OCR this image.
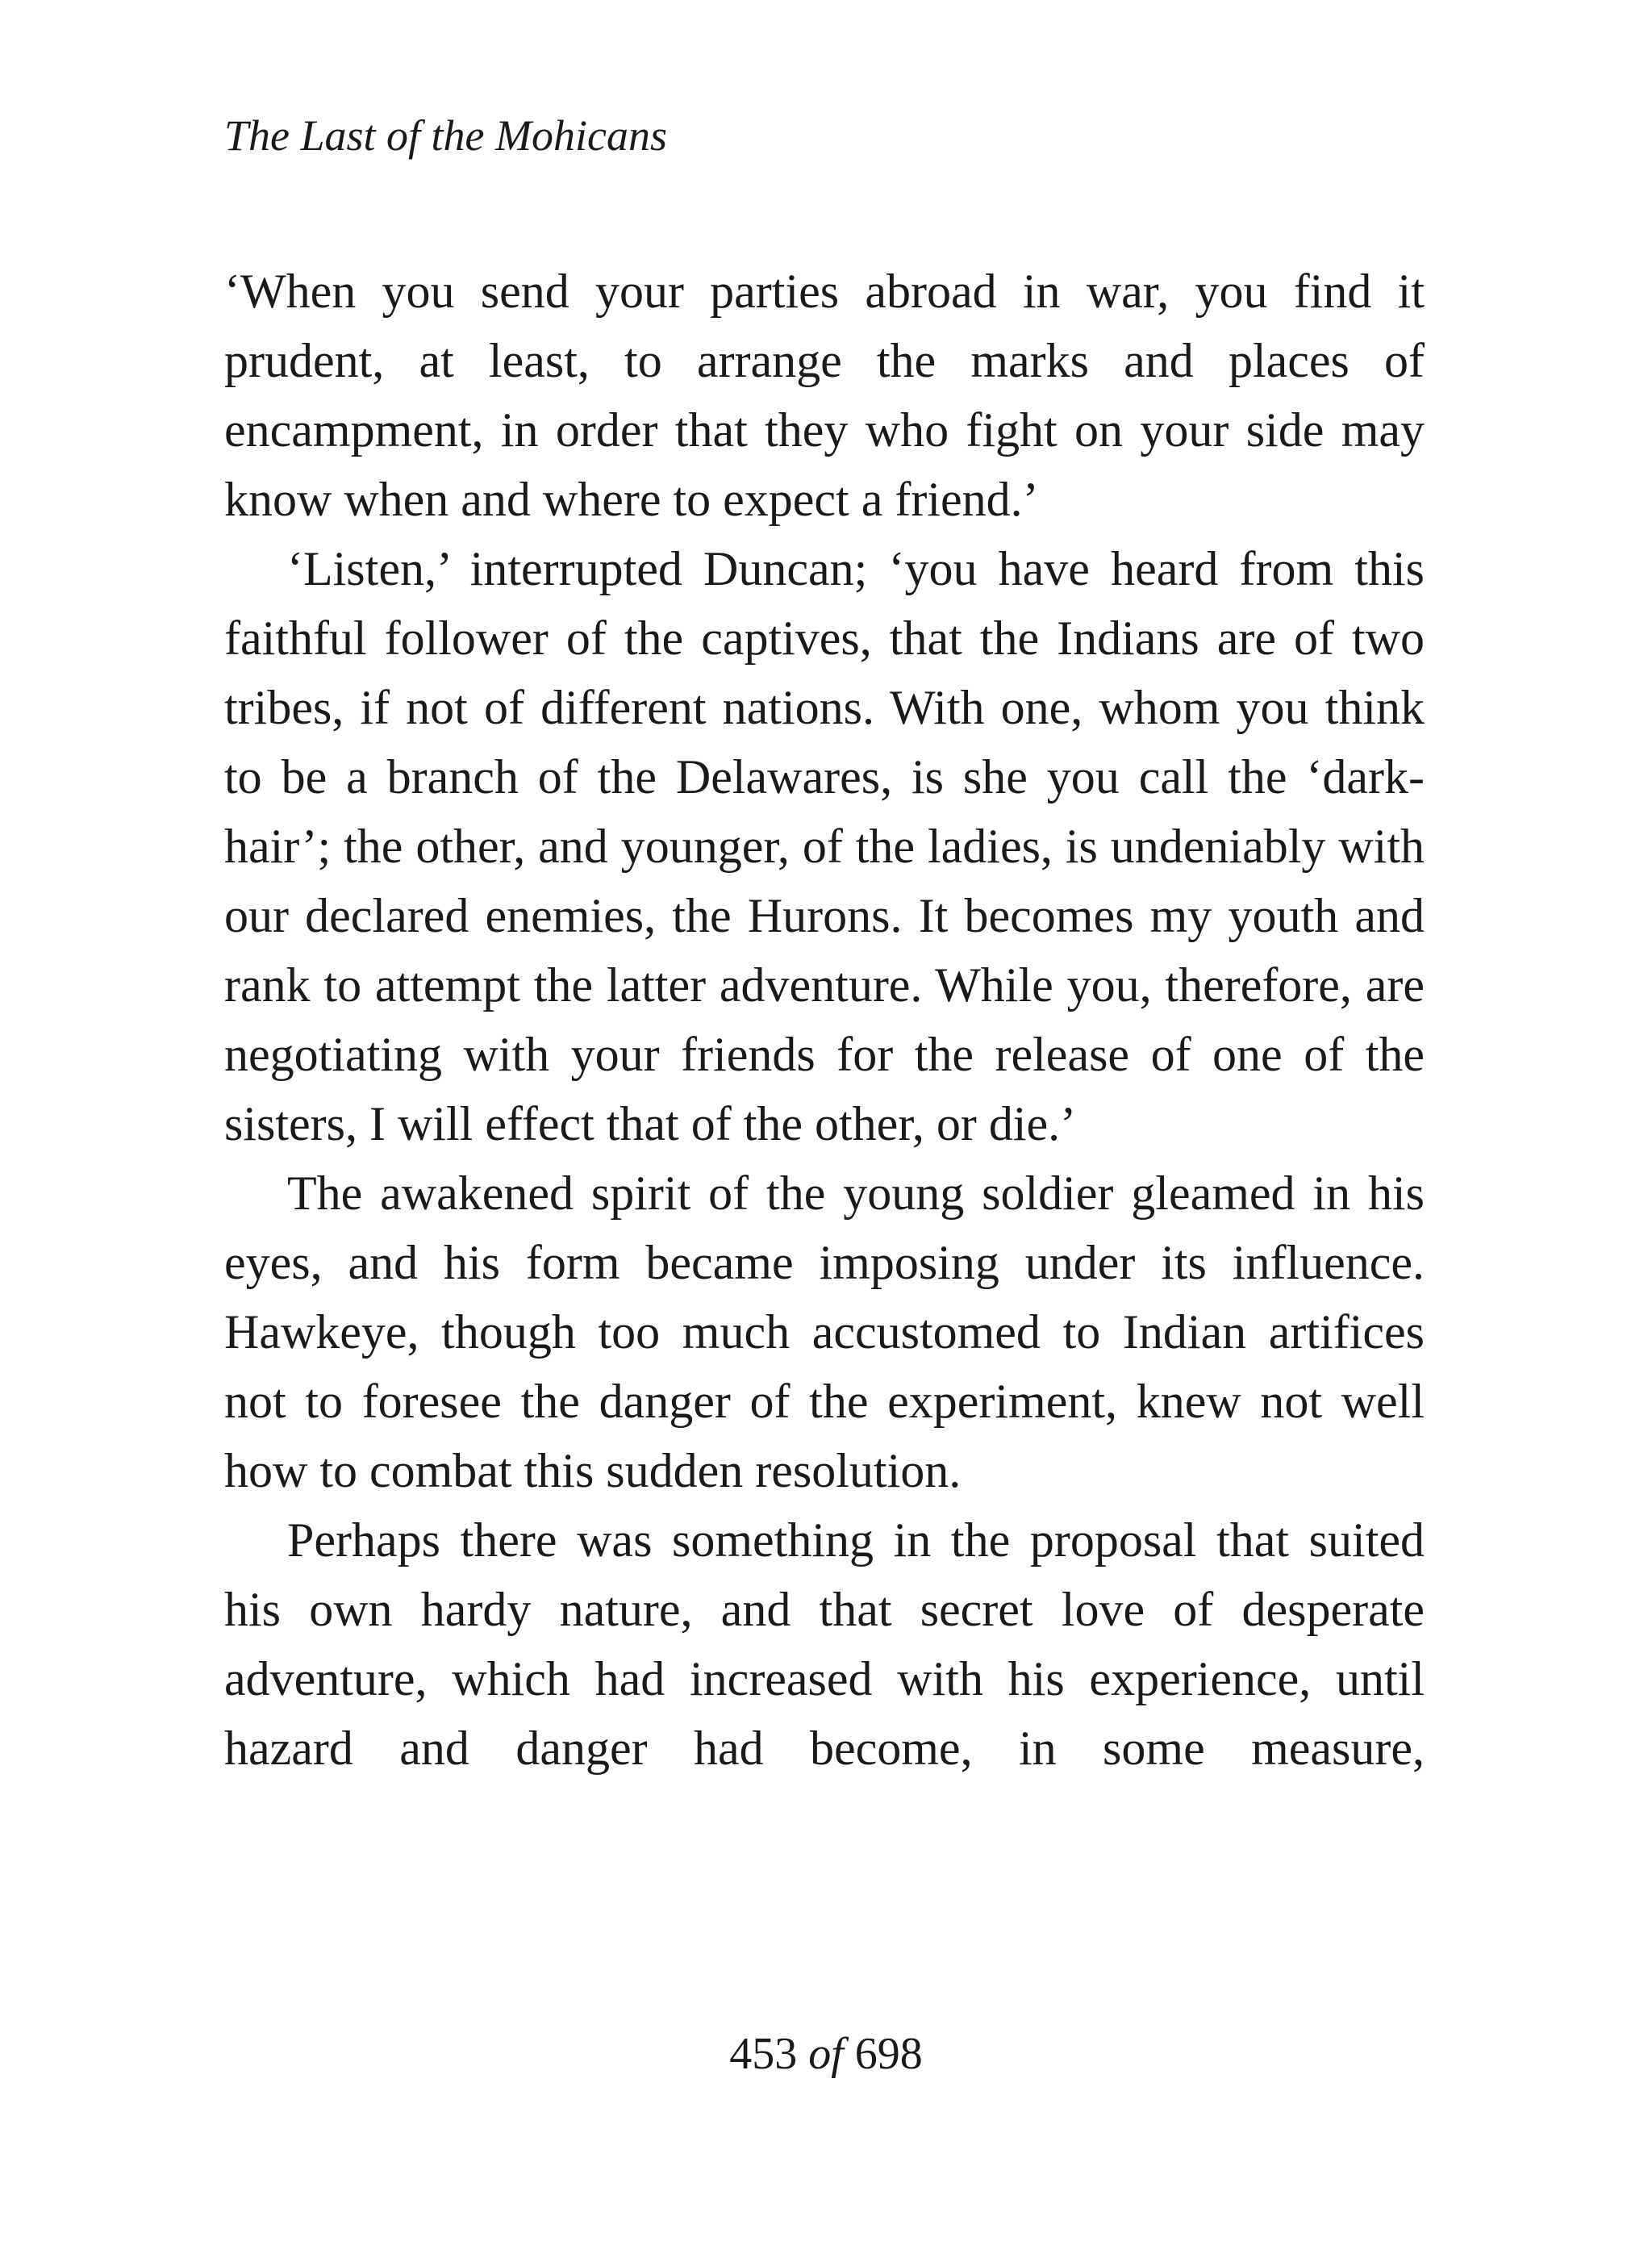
The Last of the Mohicans

‘When you send your parties abroad in war, you find it prudent, at least, to arrange the marks and places of encampment, in order that they who fight on your side may know when and where to expect a friend.’

‘Listen,’ interrupted Duncan; ‘you have heard from this faithful follower of the captives, that the Indians are of two tribes, if not of different nations. With one, whom you think to be a branch of the Delawares, is she you call the ‘dark-hair’; the other, and younger, of the ladies, is undeniably with our declared enemies, the Hurons. It becomes my youth and rank to attempt the latter adventure. While you, therefore, are negotiating with your friends for the release of one of the sisters, I will effect that of the other, or die.’

The awakened spirit of the young soldier gleamed in his eyes, and his form became imposing under its influence. Hawkeye, though too much accustomed to Indian artifices not to foresee the danger of the experiment, knew not well how to combat this sudden resolution.

Perhaps there was something in the proposal that suited his own hardy nature, and that secret love of desperate adventure, which had increased with his experience, until hazard and danger had become, in some measure,

453 of 698
